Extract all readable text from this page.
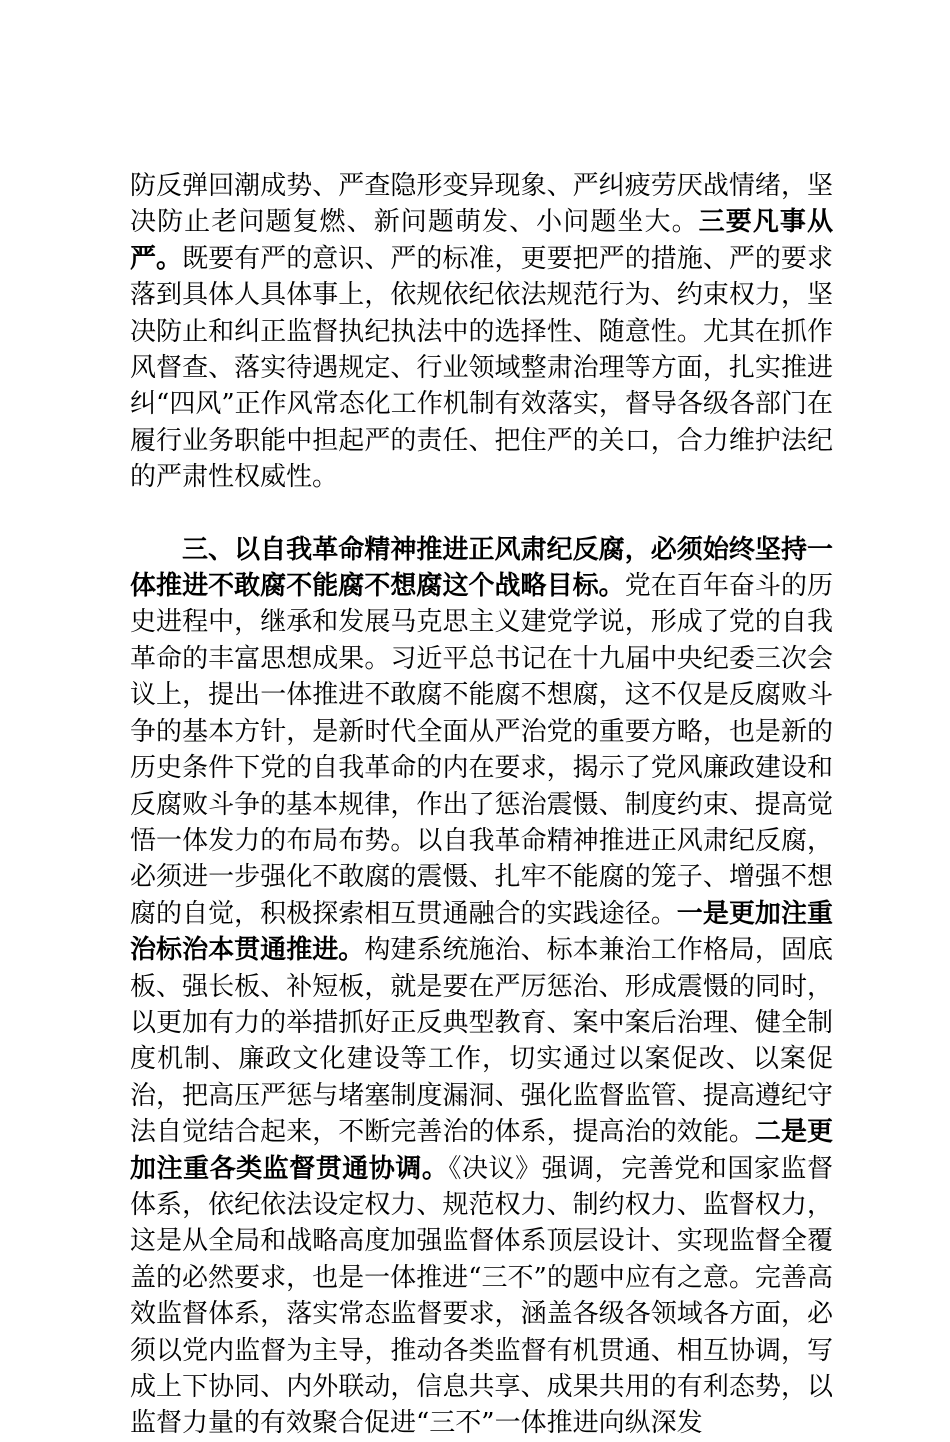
防反弹回潮成势、严查隐形变异现象、严纠疲劳厌战情绪，坚决防止老问题复燃、新问题萌发、小问题坐大。三要凡事从严。既要有严的意识、严的标准，更要把严的措施、严的要求落到具体人具体事上，依规依纪依法规范行为、约束权力，坚决防止和纠正监督执纪执法中的选择性、随意性。尤其在抓作风督查、落实待遇规定、行业领域整肃治理等方面，扎实推进纠“四风”正作风常态化工作机制有效落实，督导各级各部门在履行业务职能中担起严的责任、把住严的关口，合力维护法纪的严肃性权威性。

三、以自我革命精神推进正风肃纪反腐，必须始终坚持一体推进不敢腐不能腐不想腐这个战略目标。党在百年奋斗的历史进程中，继承和发展马克思主义建党学说，形成了党的自我革命的丰富思想成果。习近平总书记在十九届中央纪委三次会议上，提出一体推进不敢腐不能腐不想腐，这不仅是反腐败斗争的基本方针，是新时代全面从严治党的重要方略，也是新的历史条件下党的自我革命的内在要求，揭示了党风廉政建设和反腐败斗争的基本规律，作出了惩治震慑、制度约束、提高觉悟一体发力的布局布势。以自我革命精神推进正风肃纪反腐，必须进一步强化不敢腐的震慑、扎牢不能腐的笼子、增强不想腐的自觉，积极探索相互贯通融合的实践途径。一是更加注重治标治本贯通推进。构建系统施治、标本兼治工作格局，固底板、强长板、补短板，就是要在严厉惩治、形成震慑的同时，以更加有力的举措抓好正反典型教育、案中案后治理、健全制度机制、廉政文化建设等工作，切实通过以案促改、以案促治，把高压严惩与堵塞制度漏洞、强化监督监管、提高遵纪守法自觉结合起来，不断完善治的体系，提高治的效能。二是更加注重各类监督贯通协调。《决议》强调，完善党和国家监督体系，依纪依法设定权力、规范权力、制约权力、监督权力，这是从全局和战略高度加强监督体系顶层设计、实现监督全覆盖的必然要求，也是一体推进“三不”的题中应有之意。完善高效监督体系，落实常态监督要求，涵盖各级各领域各方面，必须以党内监督为主导，推动各类监督有机贯通、相互协调，写成上下协同、内外联动，信息共享、成果共用的有利态势，以监督力量的有效聚合促进“三不”一体推进向纵深发
